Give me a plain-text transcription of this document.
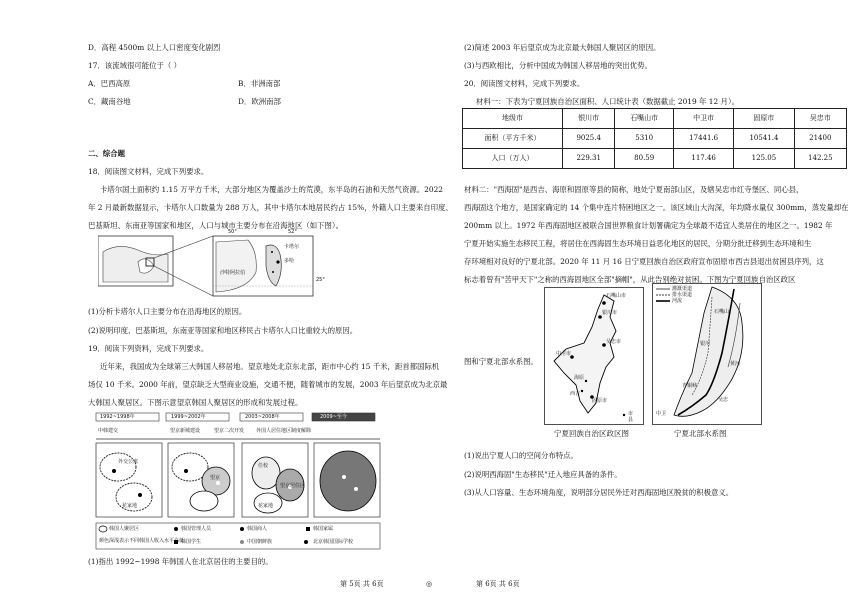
D．高程 4500m 以上人口密度变化剧烈
17．该流域很可能位于（ ）
A．巴西高原	B．非洲南部
C．藏南谷地	D．欧洲南部
二、综合题
18．阅读图文材料，完成下列要求。
卡塔尔国土面积约 1.15 万平方千米，大部分地区为覆盖沙土的荒漠，东半岛的石油和天然气资源。2022
年 2 月最新数据显示，卡塔尔人口数量为 288 万人，其中卡塔尔本地居民约占 15%，外籍人口主要来自印度、
巴基斯坦、东南亚等国家和地区，人口与城市主要分布在沿海地区（如下图）。
50°	52°
25°
沙特阿拉伯
卡塔尔
多哈
(1)分析卡塔尔人口主要分布在沿海地区的原因。
(2)说明印度、巴基斯坦，东南亚等国家和地区移民占卡塔尔人口比重较大的原因。
19．阅读下列资料，完成下列要求。
近年来，我国成为全球第三大韩国人移居地。望京地处北京东北部，距市中心约 15 千米，距首都国际机
场仅 10 千米。2000 年前，望京缺乏大型商业设施，交通不便，随着城市的发展，2003 年后望京成为北京最
大韩国人聚居区。下图示意望京韩国人聚居区的形成和发展过程。
1992~1998年	1999~2002年	2003~2008年	2009~至今
中韩建交	望京新城建设	望京二次开发 外国人居住地区制度解除
外交公寓
花家地
望京
任校
望京居住区
花家地
韩国人聚居区	韩国管理人员	韩国商人	韩国家属
颜色深浅表示不同韩国人收入水平高低
韩国学生	中国朝鲜族	北京韩国国际学校
(1)指出 1992~1998 年韩国人在北京居住的主要目的。
第 5页 共 6页	◎
(2)简述 2003 年后望京成为北京最大韩国人聚居区的原因。
(3)与西欧相比，分析中国成为韩国人移居地的突出优势。
20．阅读图文材料，完成下列要求。
材料一：下表为宁夏回族自治区面积、人口统计表（数据截止 2019 年 12 月）。
地级市	银川市	石嘴山市	中卫市	固原市	吴忠市
面积（平方千米）	9025.4	5310	17441.6	10541.4	21400
人口（万人）	229.31	80.59	117.46	125.05	142.25
材料二："西海固"是西吉、海原和固原等县的简称，地处宁夏南部山区，及辖吴忠市红寺堡区、同心县，
西海固这个地方，是国家确定的 14 个集中连片特困地区之一。该区域山大沟深，年均降水量仅 300mm，蒸发量却在
200mm 以上。1972 年西海固地区被联合国世界粮食计划署确定为全球最不适宜人类居住的地区之一。1982 年
宁夏开始实施生态移民工程，将居住在西海固生态环境日益恶化地区的居民，分期分批迁移到生态环境和生
存环境相对良好的宁夏北部。2020 年 11 月 16 日宁夏回族自治区政府宣布固原市西吉县退出贫困县序列，这
标志着曾有"苦甲天下"之称的西海固地区全部"摘帽"，从此告别绝对贫困。下图为宁夏回族自治区政区
图和宁夏北部水系图。
石嘴山市
银川市
吴忠市
中卫市
海原
固原市
西吉
市
县
宁夏回族自治区政区图
灌溉渠道
排水渠道
河流
石嘴山
银川
青铜峡
黄河
吴忠
中卫
宁夏北部水系图
(1)说出宁夏人口的空间分布特点。
(2)说明西海固"生态移民"迁入地应具备的条件。
(3)从人口容量、生态环境角度，说明部分居民外迁对西海固地区脱贫的积极意义。
第 6页 共 6页
